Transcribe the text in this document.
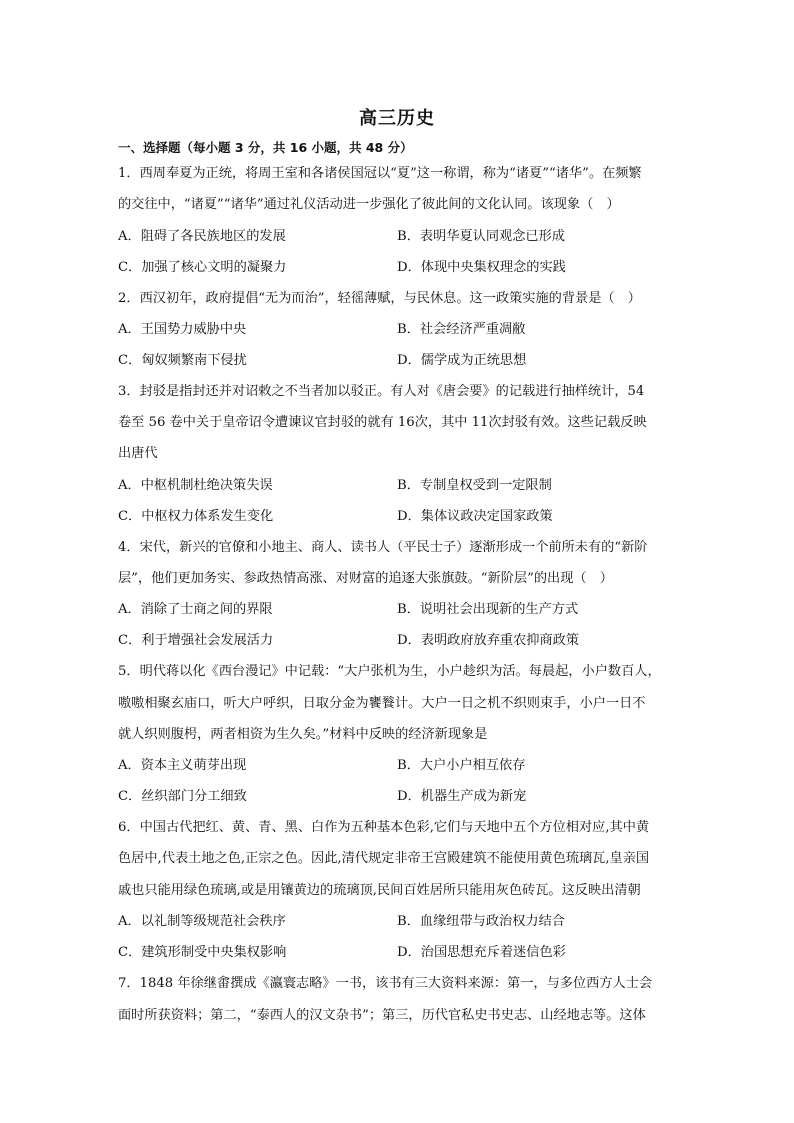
高三历史
一、选择题（每小题 3 分，共 16 小题，共 48 分）
1．西周奉夏为正统，将周王室和各诸侯国冠以“夏”这一称谓，称为“诸夏”“诸华”。在频繁
的交往中，“诸夏”“诸华”通过礼仪活动进一步强化了彼此间的文化认同。该现象（　）
A．阻碍了各民族地区的发展	B．表明华夏认同观念已形成
C．加强了核心文明的凝聚力	D．体现中央集权理念的实践
2．西汉初年，政府提倡“无为而治”，轻徭薄赋，与民休息。这一政策实施的背景是（　）
A．王国势力威胁中央	B．社会经济严重凋敝
C．匈奴频繁南下侵扰	D．儒学成为正统思想
3．封驳是指封还并对诏敕之不当者加以驳正。有人对《唐会要》的记载进行抽样统计，54
卷至 56 卷中关于皇帝诏令遭谏议官封驳的就有 16次，其中 11次封驳有效。这些记载反映
出唐代
A．中枢机制杜绝决策失误	B．专制皇权受到一定限制
C．中枢权力体系发生变化	D．集体议政决定国家政策
4．宋代，新兴的官僚和小地主、商人、读书人（平民士子）逐渐形成一个前所未有的“新阶
层”，他们更加务实、参政热情高涨、对财富的追逐大张旗鼓。“新阶层”的出现（　）
A．消除了士商之间的界限	B．说明社会出现新的生产方式
C．利于增强社会发展活力	D．表明政府放弃重农抑商政策
5．明代蒋以化《西台漫记》中记载：“大户张机为生，小户趁织为活。每晨起，小户数百人，
嗷嗷相聚玄庙口，听大户呼织，日取分金为饔餮计。大户一日之机不织则束手，小户一日不
就人织则腹枵，两者相资为生久矣。”材料中反映的经济新现象是
A．资本主义萌芽出现	B．大户小户相互依存
C．丝织部门分工细致	D．机器生产成为新宠
6．中国古代把红、黄、青、黑、白作为五种基本色彩,它们与天地中五个方位相对应,其中黄
色居中,代表土地之色,正宗之色。因此,清代规定非帝王宫殿建筑不能使用黄色琉璃瓦,皇亲国
戚也只能用绿色琉璃,或是用镶黄边的琉璃顶,民间百姓居所只能用灰色砖瓦。这反映出清朝
A．以礼制等级规范社会秩序	B．血缘纽带与政治权力结合
C．建筑形制受中央集权影响	D．治国思想充斥着迷信色彩
7．1848 年徐继畬撰成《瀛寰志略》一书，该书有三大资料来源：第一，与多位西方人士会
面时所获资料；第二，“泰西人的汉文杂书”；第三，历代官私史书史志、山经地志等。这体
